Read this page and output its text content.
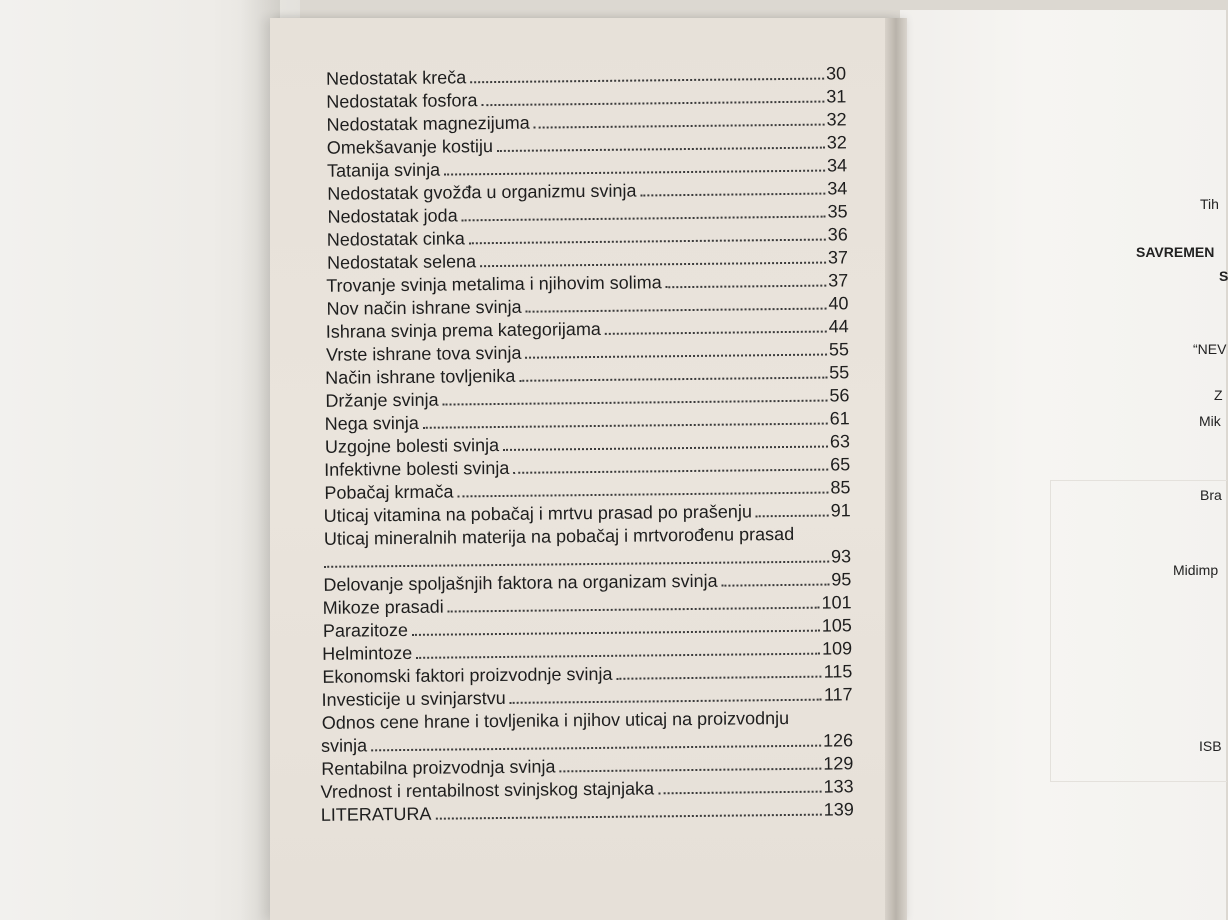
Tih
SAVREMEN
S
“NEV
Z
Mik
Bra
Midimp
ISB
Nedostatak kreča	30
Nedostatak fosfora	31
Nedostatak magnezijuma	32
Omekšavanje kostiju	32
Tatanija svinja	34
Nedostatak gvožđa u organizmu svinja	34
Nedostatak joda	35
Nedostatak cinka	36
Nedostatak selena	37
Trovanje svinja metalima i njihovim solima	37
Nov način ishrane svinja	40
Ishrana svinja prema kategorijama	44
Vrste ishrane tova svinja	55
Način ishrane tovljenika	55
Držanje svinja	56
Nega svinja	61
Uzgojne bolesti svinja	63
Infektivne bolesti svinja	65
Pobačaj krmača	85
Uticaj vitamina na pobačaj i mrtvu prasad po prašenju	91
Uticaj mineralnih materija na pobačaj i mrtvorođenu prasad
93
Delovanje spoljašnjih faktora na organizam svinja	95
Mikoze prasadi	101
Parazitoze	105
Helmintoze	109
Ekonomski faktori proizvodnje svinja	115
Investicije u svinjarstvu	117
Odnos cene hrane i tovljenika i njihov uticaj na proizvodnju
svinja	126
Rentabilna proizvodnja svinja	129
Vrednost i rentabilnost svinjskog stajnjaka	133
LITERATURA	139
